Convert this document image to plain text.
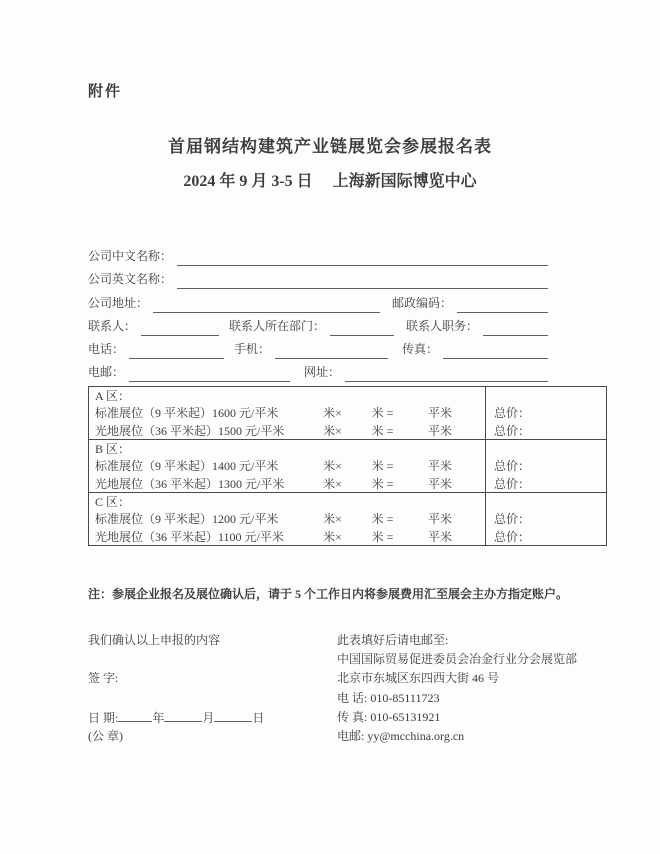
附件
首届钢结构建筑产业链展览会参展报名表
2024 年 9 月 3-5 日　 上海新国际博览中心
公司中文名称：
公司英文名称：
公司地址：	邮政编码：
联系人：	联系人所在部门：	联系人职务：
电话：	手机：	传真：
电邮：	网址：
A 区：	

标准展位（9 平米起）1600 元/平米 米× 米 = 平米	总价：

光地展位（36 平米起）1500 元/平米 米× 米 = 平米	总价：
B 区：	

标准展位（9 平米起）1400 元/平米 米× 米 = 平米	总价：

光地展位（36 平米起）1300 元/平米 米× 米 = 平米	总价：
C 区：	

标准展位（9 平米起）1200 元/平米 米× 米 = 平米	总价：

光地展位（36 平米起）1100 元/平米 米× 米 = 平米	总价：
注：参展企业报名及展位确认后，请于 5 个工作日内将参展费用汇至展会主办方指定账户。
我们确认以上申报的内容
签 字:
日 期:	年	月	日
(公 章)
此表填好后请电邮至:
中国国际贸易促进委员会冶金行业分会展览部
北京市东城区东四西大街 46 号
电 话: 010-85111723
传 真: 010-65131921
电邮: yy@mcchina.org.cn
